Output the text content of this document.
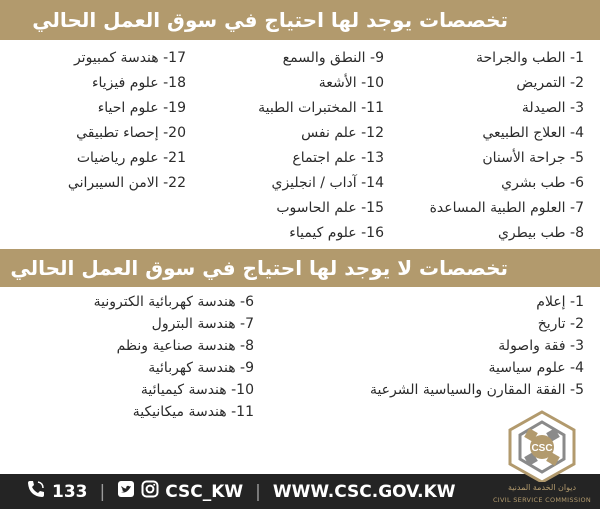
تخصصات يوجد لها احتياج في سوق العمل الحالي
1- الطب والجراحة
2- التمريض
3- الصيدلة
4- العلاج الطبيعي
5- جراحة الأسنان
6- طب بشري
7- العلوم الطبية المساعدة
8- طب بيطري
9- النطق والسمع
10- الأشعة
11- المختبرات الطبية
12- علم نفس
13- علم اجتماع
14- آداب / انجليزي
15- علم الحاسوب
16- علوم كيمياء
17- هندسة كمبيوتر
18- علوم فيزياء
19- علوم احياء
20- إحصاء تطبيقي
21- علوم رياضيات
22- الامن السيبراني
تخصصات لا يوجد لها احتياج في سوق العمل الحالي
1- إعلام
2- تاريخ
3- فقة واصولة
4- علوم سياسية
5- الفقة المقارن والسياسية الشرعية
6- هندسة كهربائية الكترونية
7- هندسة البترول
8- هندسة صناعية ونظم
9- هندسة كهربائية
10- هندسة كيميائية
11- هندسة ميكانيكية
133 |	CSC_KW | WWW.CSC.GOV.KW
CSC
ديوان الخدمة المدنية
CIVIL SERVICE COMMISSION
